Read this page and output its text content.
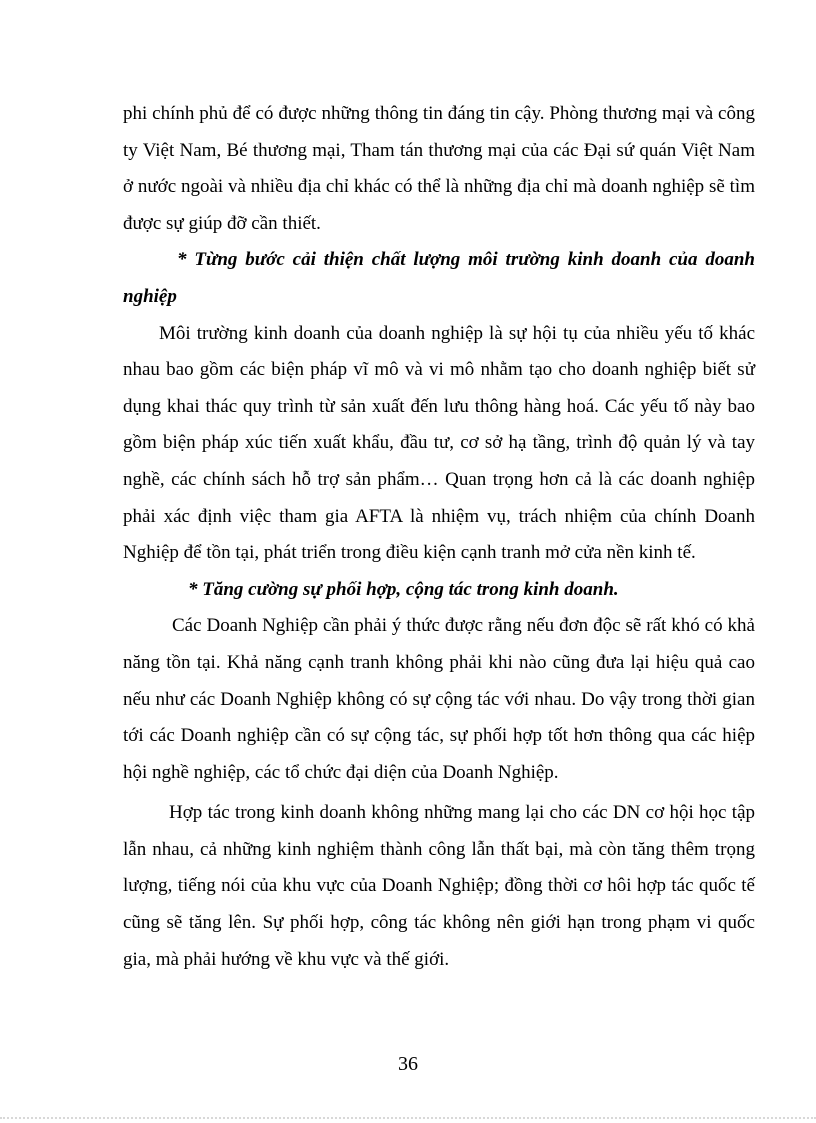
phi chính phủ để có được những thông tin đáng tin cậy. Phòng thương mại và công ty Việt Nam, Bé thương mại, Tham tán thương mại của các Đại sứ quán Việt Nam ở nước ngoài và nhiều địa chỉ khác có thể là những địa chỉ mà doanh nghiệp sẽ tìm được sự giúp đỡ cần thiết.

* Từng bước cải thiện chất lượng môi trường kinh doanh của doanh nghiệp

Môi trường kinh doanh của doanh nghiệp là sự hội tụ của nhiều yếu tố khác nhau bao gồm các biện pháp vĩ mô và vi mô nhằm tạo cho doanh nghiệp biết sử dụng khai thác quy trình từ sản xuất đến lưu thông hàng hoá. Các yếu tố này bao gồm biện pháp xúc tiến xuất khẩu, đầu tư, cơ sở hạ tầng, trình độ quản lý và tay nghề, các chính sách hỗ trợ sản phẩm… Quan trọng hơn cả là các doanh nghiệp phải xác định việc tham gia AFTA là nhiệm vụ, trách nhiệm của chính Doanh Nghiệp để tồn tại, phát triển trong điều kiện cạnh tranh mở cửa nền kinh tế.

* Tăng cường sự phối hợp, cộng tác trong kinh doanh.

Các Doanh Nghiệp cần phải ý thức được rằng nếu đơn độc sẽ rất khó có khả năng tồn tại. Khả năng cạnh tranh không phải khi nào cũng đưa lại hiệu quả cao nếu như các Doanh Nghiệp không có sự cộng tác với nhau. Do vậy trong thời gian tới các Doanh nghiệp cần có sự cộng tác, sự phối hợp tốt hơn thông qua các hiệp hội nghề nghiệp, các tổ chức đại diện của Doanh Nghiệp.

Hợp tác trong kinh doanh không những mang lại cho các DN cơ hội học tập lẫn nhau, cả những kinh nghiệm thành công lẫn thất bại, mà còn tăng thêm trọng lượng, tiếng nói của khu vực của Doanh Nghiệp; đồng thời cơ hôi hợp tác quốc tế cũng sẽ tăng lên. Sự phối hợp, công tác không nên giới hạn trong phạm vi quốc gia, mà phải hướng về khu vực và thế giới.

36
